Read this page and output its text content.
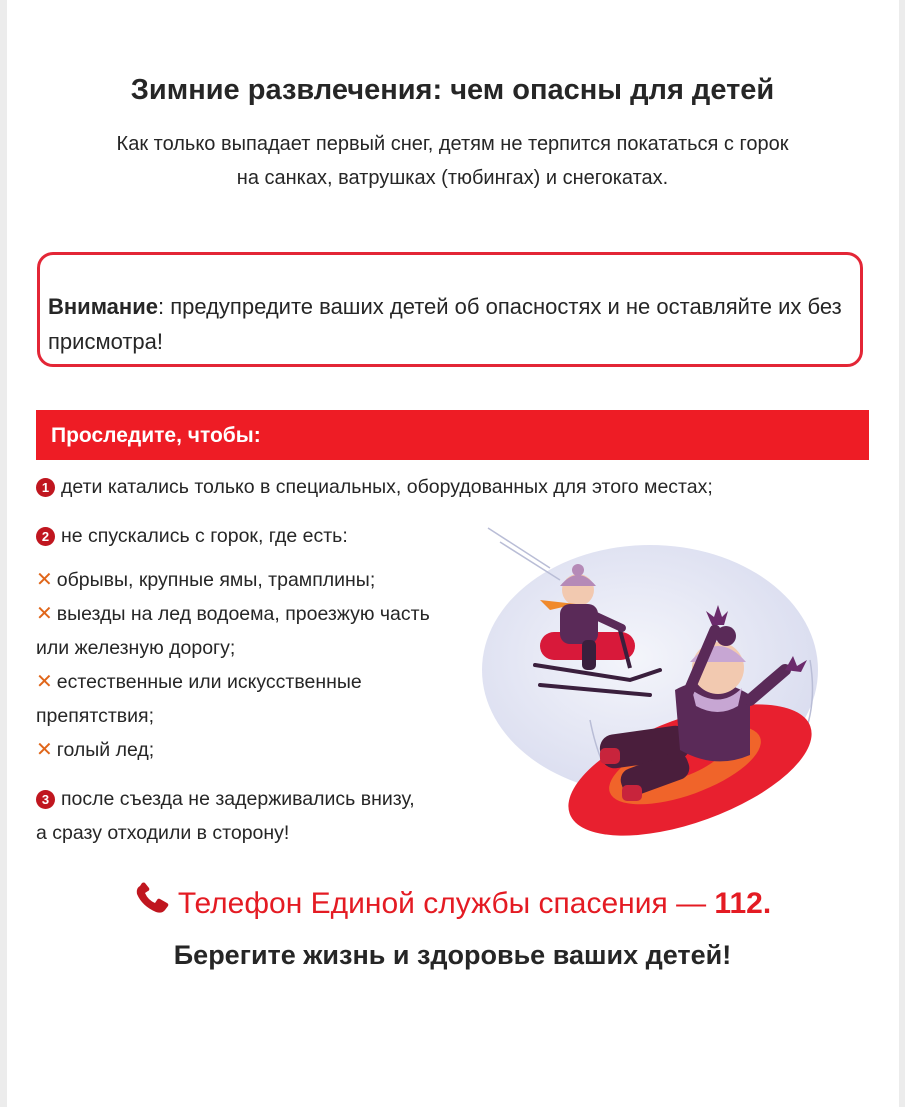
Зимние развлечения: чем опасны для детей
Как только выпадает первый снег, детям не терпится покататься с горок
на санках, ватрушках (тюбингах) и снегокатах.
Внимание: предупредите ваших детей об опасностях и не оставляйте их без присмотра!
Проследите, чтобы:
1 дети катались только в специальных, оборудованных для этого местах;
2 не спускались с горок, где есть:
✕ обрывы, крупные ямы, трамплины;
✕ выезды на лед водоема, проезжую часть или железную дорогу;
✕ естественные или искусственные препятствия;
✕ голый лед;
3 после съезда не задерживались внизу, а сразу отходили в сторону!
Телефон Единой службы спасения — 112.
Берегите жизнь и здоровье ваших детей!
